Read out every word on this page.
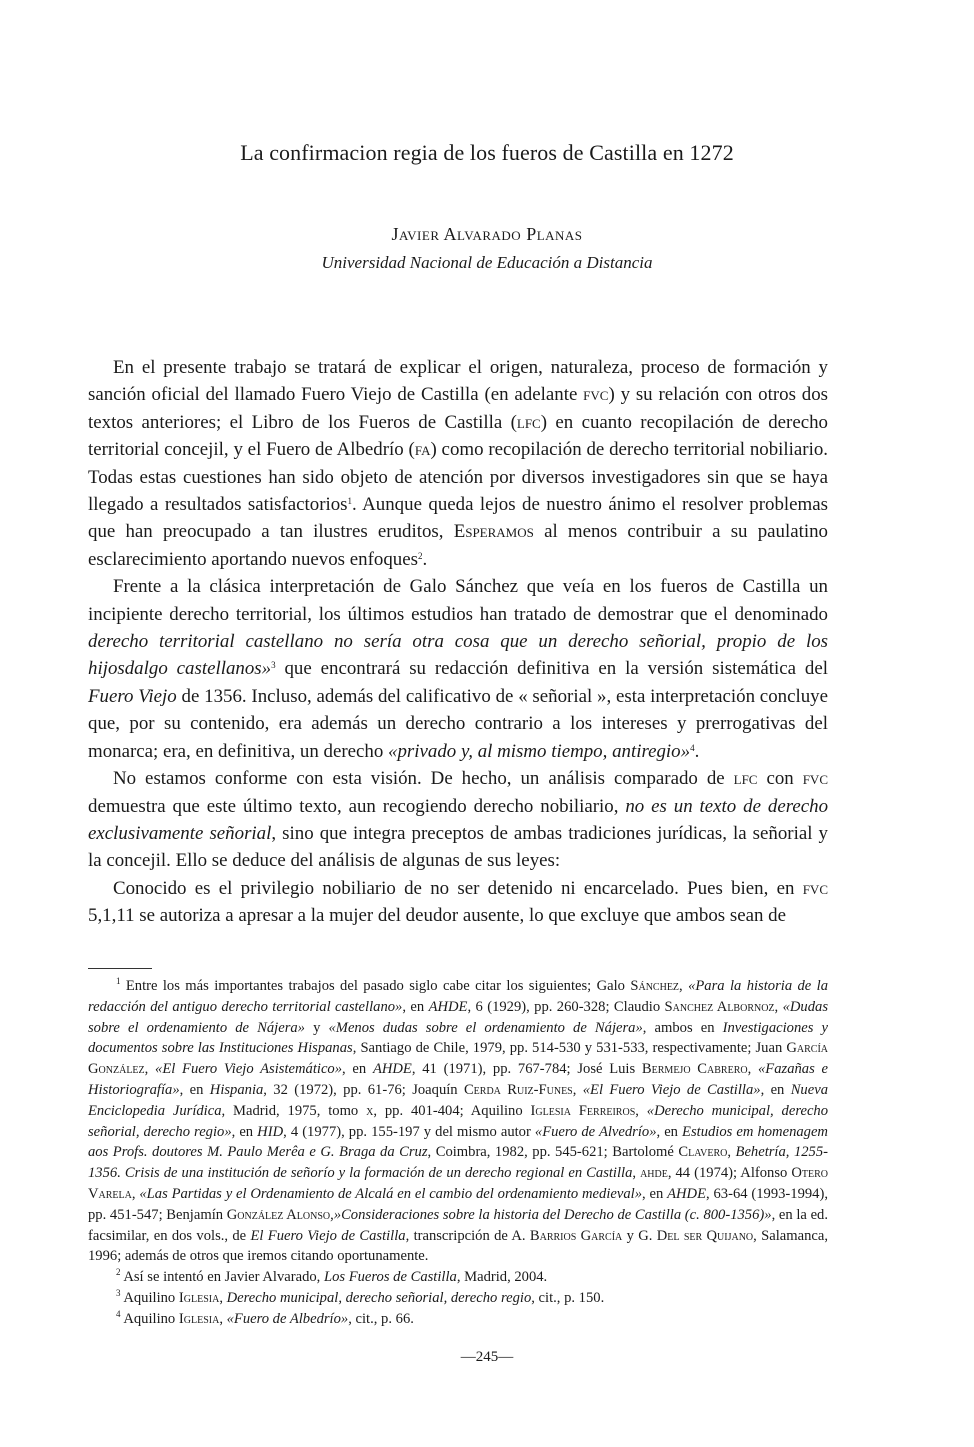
La confirmacion regia de los fueros de Castilla en 1272
Javier Alvarado Planas
Universidad Nacional de Educación a Distancia

En el presente trabajo se tratará de explicar el origen, naturaleza, proceso de formación y sanción oficial del llamado Fuero Viejo de Castilla (en adelante fvc) y su relación con otros dos textos anteriores; el Libro de los Fueros de Castilla (lfc) en cuanto recopilación de derecho territorial concejil, y el Fuero de Albedrío (fa) como recopilación de derecho territorial nobiliario. Todas estas cuestiones han sido objeto de atención por diversos investigadores sin que se haya llegado a resultados satisfactorios$^1$. Aunque queda lejos de nuestro ánimo el resolver problemas que han preocupado a tan ilustres eruditos, Esperamos al menos contribuir a su paulatino esclarecimiento aportando nuevos enfoques$^2$.

Frente a la clásica interpretación de Galo Sánchez que veía en los fueros de Castilla un incipiente derecho territorial, los últimos estudios han tratado de demostrar que el denominado derecho territorial castellano no sería otra cosa que un derecho señorial, propio de los hijosdalgo castellanos»$^3$ que encontrará su redacción definitiva en la versión sistemática del Fuero Viejo de 1356. Incluso, además del calificativo de « señorial », esta interpretación concluye que, por su contenido, era además un derecho contrario a los intereses y prerrogativas del monarca; era, en definitiva, un derecho «privado y, al mismo tiempo, antiregio»$^4$.

No estamos conforme con esta visión. De hecho, un análisis comparado de lfc con fvc demuestra que este último texto, aun recogiendo derecho nobiliario, no es un texto de derecho exclusivamente señorial, sino que integra preceptos de ambas tradiciones jurídicas, la señorial y la concejil. Ello se deduce del análisis de algunas de sus leyes:

Conocido es el privilegio nobiliario de no ser detenido ni encarcelado. Pues bien, en fvc 5,1,11 se autoriza a apresar a la mujer del deudor ausente, lo que excluye que ambos sean de

$^1$ Entre los más importantes trabajos del pasado siglo cabe citar los siguientes; Galo Sánchez, «Para la historia de la redacción del antiguo derecho territorial castellano», en AHDE, 6 (1929), pp. 260-328; Claudio Sanchez Albornoz, «Dudas sobre el ordenamiento de Nájera» y «Menos dudas sobre el ordenamiento de Nájera», ambos en Investigaciones y documentos sobre las Instituciones Hispanas, Santiago de Chile, 1979, pp. 514-530 y 531-533, respectivamente; Juan García González, «El Fuero Viejo Asistemático», en AHDE, 41 (1971), pp. 767-784; José Luis Bermejo Cabrero, «Fazañas e Historiografía», en Hispania, 32 (1972), pp. 61-76; Joaquín Cerda Ruiz-Funes, «El Fuero Viejo de Castilla», en Nueva Enciclopedia Jurídica, Madrid, 1975, tomo x, pp. 401-404; Aquilino Iglesia Ferreiros, «Derecho municipal, derecho señorial, derecho regio», en HID, 4 (1977), pp. 155-197 y del mismo autor «Fuero de Alvedrío», en Estudios em homenagem aos Profs. doutores M. Paulo Merêa e G. Braga da Cruz, Coimbra, 1982, pp. 545-621; Bartolomé Clavero, Behetría, 1255-1356. Crisis de una institución de señorío y la formación de un derecho regional en Castilla, ahde, 44 (1974); Alfonso Otero Varela, «Las Partidas y el Ordenamiento de Alcalá en el cambio del ordenamiento medieval», en AHDE, 63-64 (1993-1994), pp. 451-547; Benjamín González Alonso,»Consideraciones sobre la historia del Derecho de Castilla (c. 800-1356)», en la ed. facsimilar, en dos vols., de El Fuero Viejo de Castilla, transcripción de A. Barrios García y G. Del ser Quijano, Salamanca, 1996; además de otros que iremos citando oportunamente.

$^2$ Así se intentó en Javier Alvarado, Los Fueros de Castilla, Madrid, 2004.

$^3$ Aquilino Iglesia, Derecho municipal, derecho señorial, derecho regio, cit., p. 150.

$^4$ Aquilino Iglesia, «Fuero de Albedrío», cit., p. 66.

—245—
